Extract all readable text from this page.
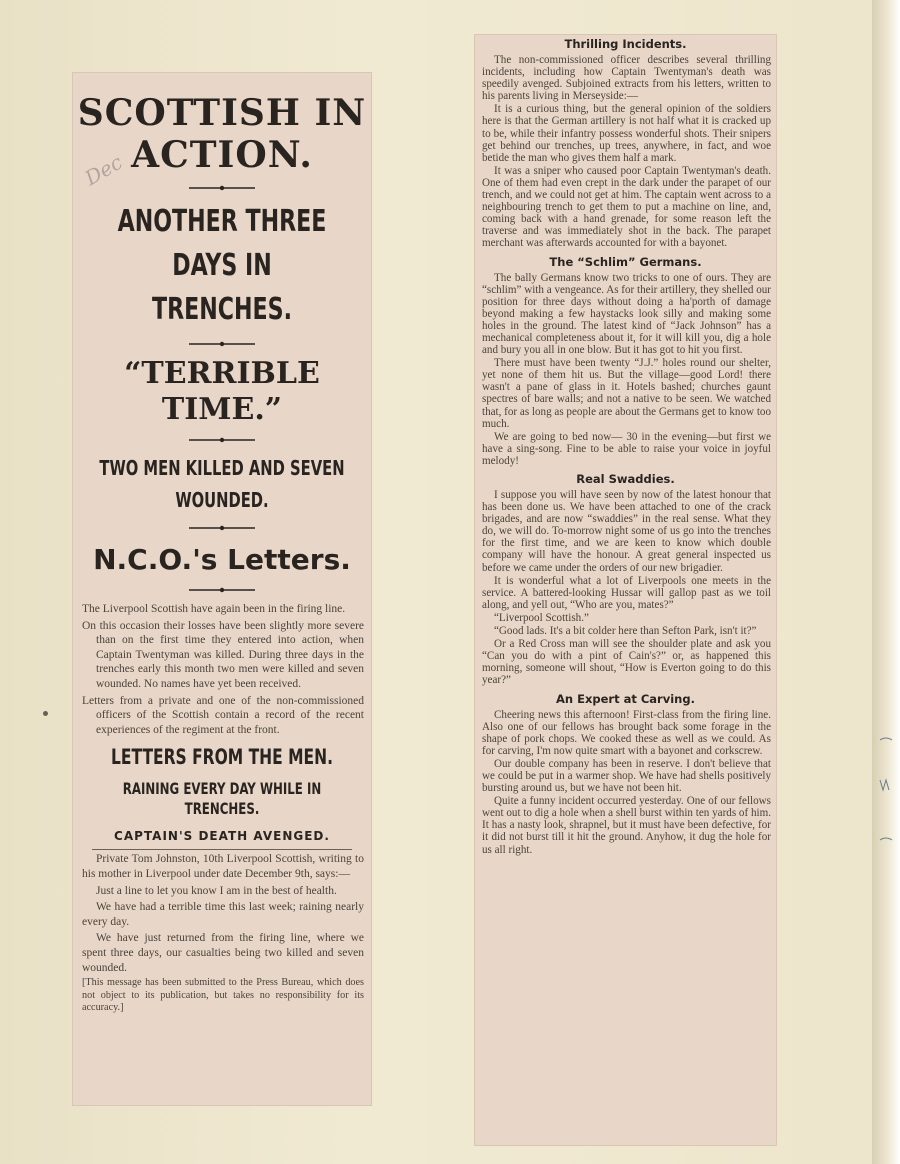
SCOTTISH IN ACTION.
ANOTHER THREE DAYS IN TRENCHES.
“TERRIBLE TIME.”
TWO MEN KILLED AND SEVEN WOUNDED.
N.C.O.'s Letters.

The Liverpool Scottish have again been in the firing line.

On this occasion their losses have been slightly more severe than on the first time they entered into action, when Captain Twentyman was killed. During three days in the trenches early this month two men were killed and seven wounded. No names have yet been received.

Letters from a private and one of the non-commissioned officers of the Scottish contain a record of the recent experiences of the regiment at the front.

LETTERS FROM THE MEN.
RAINING EVERY DAY WHILE IN TRENCHES.
CAPTAIN'S DEATH AVENGED.

Private Tom Johnston, 10th Liverpool Scottish, writing to his mother in Liverpool under date December 9th, says:—

Just a line to let you know I am in the best of health.

We have had a terrible time this last week; raining nearly every day.

We have just returned from the firing line, where we spent three days, our casualties being two killed and seven wounded.

[This message has been submitted to the Press Bureau, which does not object to its publication, but takes no responsibility for its accuracy.]

Dec
Thrilling Incidents.

The non-commissioned officer describes several thrilling incidents, including how Captain Twentyman's death was speedily avenged. Subjoined extracts from his letters, written to his parents living in Merseyside:—

It is a curious thing, but the general opinion of the soldiers here is that the German artillery is not half what it is cracked up to be, while their infantry possess wonderful shots. Their snipers get behind our trenches, up trees, anywhere, in fact, and woe betide the man who gives them half a mark.

It was a sniper who caused poor Captain Twentyman's death. One of them had even crept in the dark under the parapet of our trench, and we could not get at him. The captain went across to a neighbouring trench to get them to put a machine on line, and, coming back with a hand grenade, for some reason left the traverse and was immediately shot in the back. The parapet merchant was afterwards accounted for with a bayonet.

The “Schlim” Germans.

The bally Germans know two tricks to one of ours. They are “schlim” with a vengeance. As for their artillery, they shelled our position for three days without doing a ha'porth of damage beyond making a few haystacks look silly and making some holes in the ground. The latest kind of “Jack Johnson” has a mechanical completeness about it, for it will kill you, dig a hole and bury you all in one blow. But it has got to hit you first.

There must have been twenty “J.J.” holes round our shelter, yet none of them hit us. But the village—good Lord! there wasn't a pane of glass in it. Hotels bashed; churches gaunt spectres of bare walls; and not a native to be seen. We watched that, for as long as people are about the Germans get to know too much.

We are going to bed now— 30 in the evening—but first we have a sing-song. Fine to be able to raise your voice in joyful melody!

Real Swaddies.

I suppose you will have seen by now of the latest honour that has been done us. We have been attached to one of the crack brigades, and are now “swaddies” in the real sense. What they do, we will do. To-morrow night some of us go into the trenches for the first time, and we are keen to know which double company will have the honour. A great general inspected us before we came under the orders of our new brigadier.

It is wonderful what a lot of Liverpools one meets in the service. A battered-looking Hussar will gallop past as we toil along, and yell out, “Who are you, mates?”

“Liverpool Scottish.”

“Good lads. It's a bit colder here than Sefton Park, isn't it?”

Or a Red Cross man will see the shoulder plate and ask you “Can you do with a pint of Cain's?” or, as happened this morning, someone will shout, “How is Everton going to do this year?”

An Expert at Carving.

Cheering news this afternoon! First-class from the firing line. Also one of our fellows has brought back some forage in the shape of pork chops. We cooked these as well as we could. As for carving, I'm now quite smart with a bayonet and corkscrew.

Our double company has been in reserve. I don't believe that we could be put in a warmer shop. We have had shells positively bursting around us, but we have not been hit.

Quite a funny incident occurred yesterday. One of our fellows went out to dig a hole when a shell burst within ten yards of him. It has a nasty look, shrapnel, but it must have been defective, for it did not burst till it hit the ground. Anyhow, it dug the hole for us all right.
